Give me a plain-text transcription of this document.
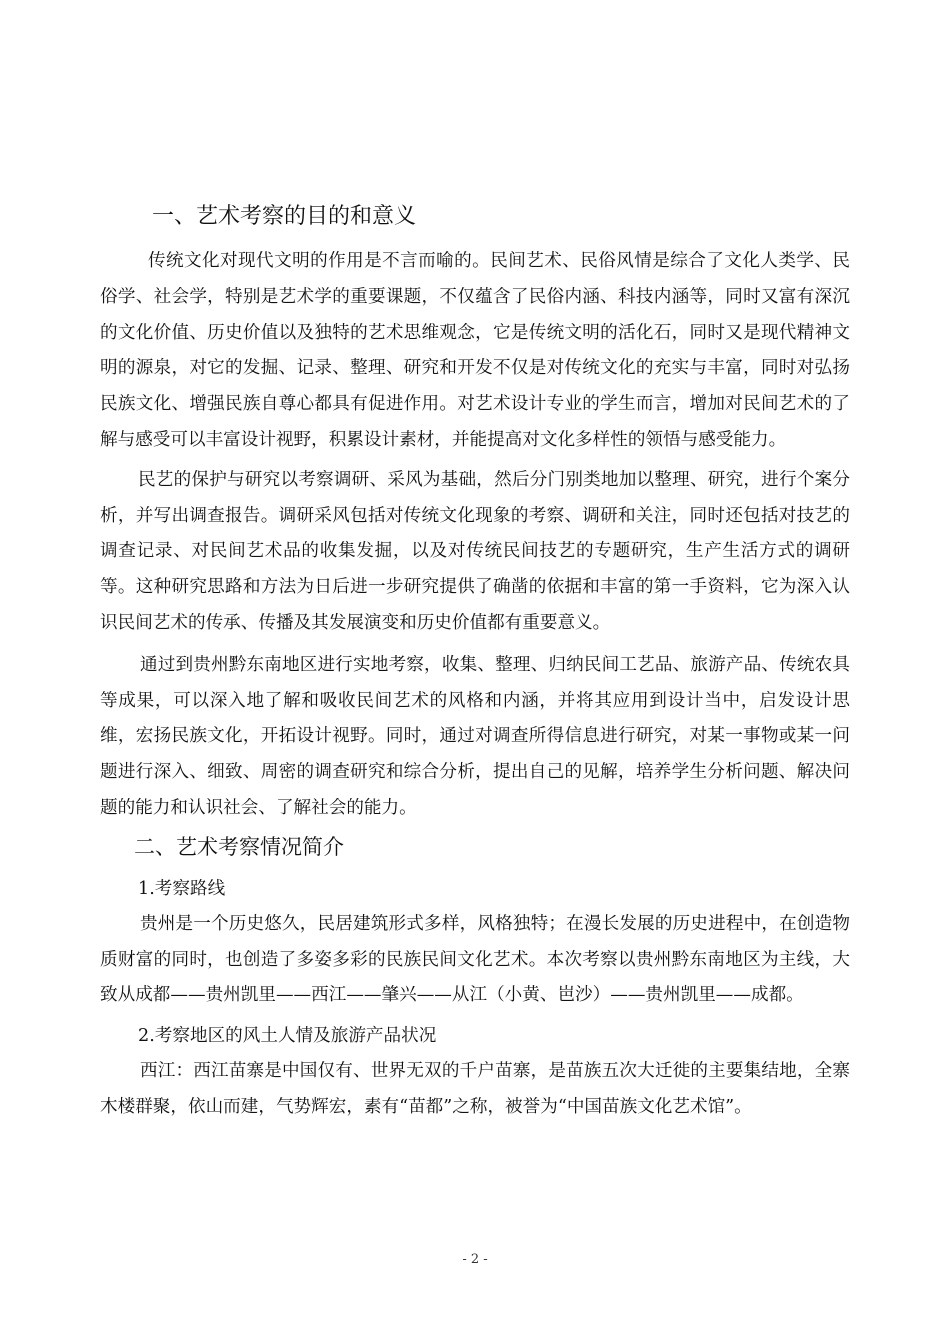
一、艺术考察的目的和意义

传统文化对现代文明的作用是不言而喻的。民间艺术、民俗风情是综合了文化人类学、民俗学、社会学，特别是艺术学的重要课题，不仅蕴含了民俗内涵、科技内涵等，同时又富有深沉的文化价值、历史价值以及独特的艺术思维观念，它是传统文明的活化石，同时又是现代精神文明的源泉，对它的发掘、记录、整理、研究和开发不仅是对传统文化的充实与丰富，同时对弘扬民族文化、增强民族自尊心都具有促进作用。对艺术设计专业的学生而言，增加对民间艺术的了解与感受可以丰富设计视野，积累设计素材，并能提高对文化多样性的领悟与感受能力。

民艺的保护与研究以考察调研、采风为基础，然后分门别类地加以整理、研究，进行个案分析，并写出调查报告。调研采风包括对传统文化现象的考察、调研和关注，同时还包括对技艺的调查记录、对民间艺术品的收集发掘，以及对传统民间技艺的专题研究，生产生活方式的调研等。这种研究思路和方法为日后进一步研究提供了确凿的依据和丰富的第一手资料，它为深入认识民间艺术的传承、传播及其发展演变和历史价值都有重要意义。

通过到贵州黔东南地区进行实地考察，收集、整理、归纳民间工艺品、旅游产品、传统农具等成果，可以深入地了解和吸收民间艺术的风格和内涵，并将其应用到设计当中，启发设计思维，宏扬民族文化，开拓设计视野。同时，通过对调查所得信息进行研究，对某一事物或某一问题进行深入、细致、周密的调查研究和综合分析，提出自己的见解，培养学生分析问题、解决问题的能力和认识社会、了解社会的能力。

二、艺术考察情况简介

1.考察路线

贵州是一个历史悠久，民居建筑形式多样，风格独特；在漫长发展的历史进程中，在创造物质财富的同时，也创造了多姿多彩的民族民间文化艺术。本次考察以贵州黔东南地区为主线，大致从成都——贵州凯里——西江——肇兴——从江（小黄、岜沙）——贵州凯里——成都。

2.考察地区的风土人情及旅游产品状况

西江：西江苗寨是中国仅有、世界无双的千户苗寨，是苗族五次大迁徙的主要集结地，全寨木楼群聚，依山而建，气势辉宏，素有“苗都”之称，被誉为“中国苗族文化艺术馆”。

- 2 -
